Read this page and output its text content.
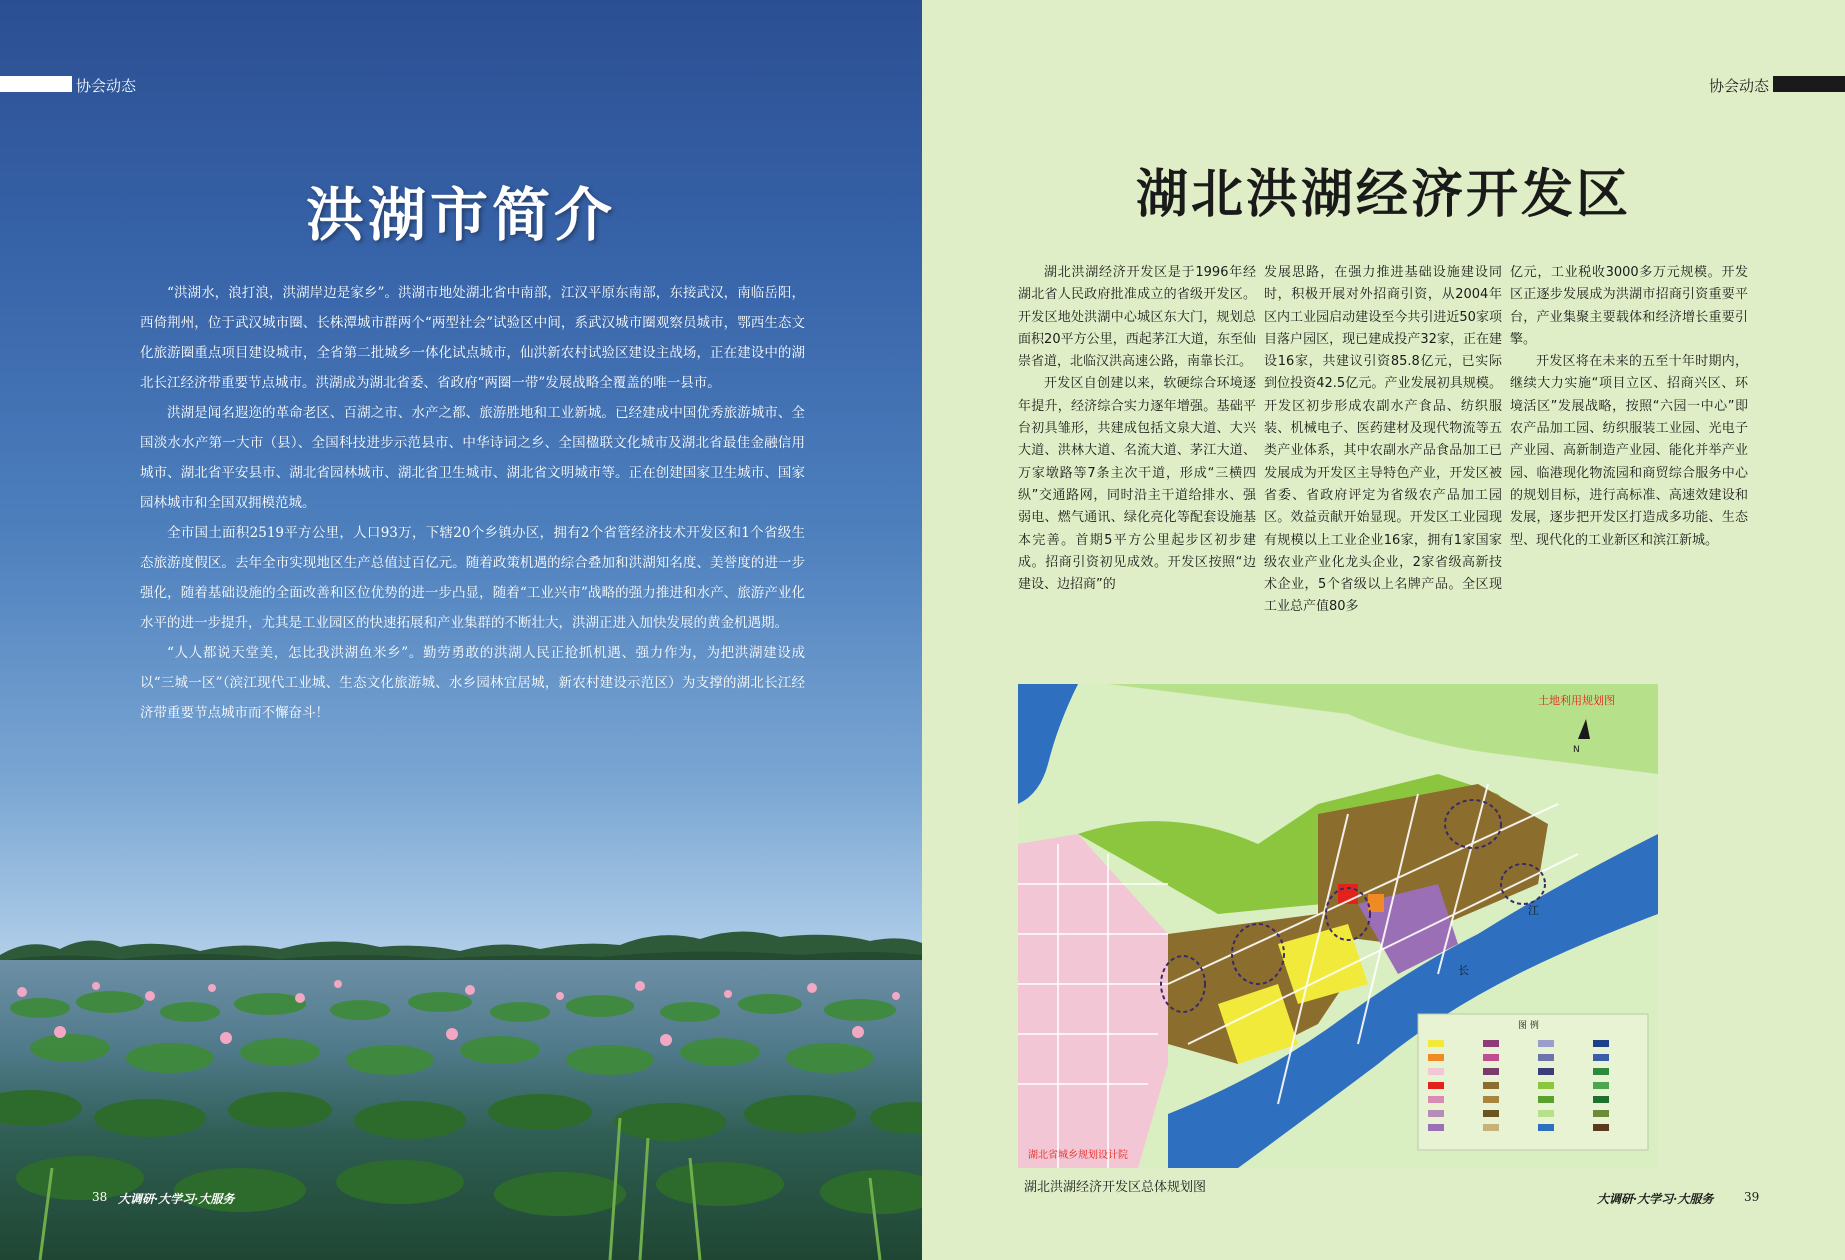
协会动态
洪湖市简介

“洪湖水，浪打浪，洪湖岸边是家乡”。洪湖市地处湖北省中南部，江汉平原东南部，东接武汉，南临岳阳，西倚荆州，位于武汉城市圈、长株潭城市群两个“两型社会”试验区中间，系武汉城市圈观察员城市，鄂西生态文化旅游圈重点项目建设城市，全省第二批城乡一体化试点城市，仙洪新农村试验区建设主战场，正在建设中的湖北长江经济带重要节点城市。洪湖成为湖北省委、省政府“两圈一带”发展战略全覆盖的唯一县市。

洪湖是闻名遐迩的革命老区、百湖之市、水产之都、旅游胜地和工业新城。已经建成中国优秀旅游城市、全国淡水水产第一大市（县）、全国科技进步示范县市、中华诗词之乡、全国楹联文化城市及湖北省最佳金融信用城市、湖北省平安县市、湖北省园林城市、湖北省卫生城市、湖北省文明城市等。正在创建国家卫生城市、国家园林城市和全国双拥模范城。

全市国土面积2519平方公里，人口93万，下辖20个乡镇办区，拥有2个省管经济技术开发区和1个省级生态旅游度假区。去年全市实现地区生产总值过百亿元。随着政策机遇的综合叠加和洪湖知名度、美誉度的进一步强化，随着基础设施的全面改善和区位优势的进一步凸显，随着“工业兴市”战略的强力推进和水产、旅游产业化水平的进一步提升，尤其是工业园区的快速拓展和产业集群的不断壮大，洪湖正进入加快发展的黄金机遇期。

“人人都说天堂美，怎比我洪湖鱼米乡”。勤劳勇敢的洪湖人民正抢抓机遇、强力作为，为把洪湖建设成以“三城一区”（滨江现代工业城、生态文化旅游城、水乡园林宜居城，新农村建设示范区）为支撑的湖北长江经济带重要节点城市而不懈奋斗！

38 大调研·大学习·大服务
协会动态
湖北洪湖经济开发区

湖北洪湖经济开发区是于1996年经湖北省人民政府批准成立的省级开发区。开发区地处洪湖中心城区东大门，规划总面积20平方公里，西起茅江大道，东至仙崇省道，北临汉洪高速公路，南靠长江。

开发区自创建以来，软硬综合环境逐年提升，经济综合实力逐年增强。基础平台初具雏形，共建成包括文泉大道、大兴大道、洪林大道、名流大道、茅江大道、万家墩路等7条主次干道，形成“三横四纵”交通路网，同时沿主干道给排水、强弱电、燃气通讯、绿化亮化等配套设施基本完善。首期5平方公里起步区初步建成。招商引资初见成效。开发区按照“边建设、边招商”的

发展思路，在强力推进基础设施建设同时，积极开展对外招商引资，从2004年区内工业园启动建设至今共引进近50家项目落户园区，现已建成投产32家，正在建设16家，共建议引资85.8亿元，已实际到位投资42.5亿元。产业发展初具规模。开发区初步形成农副水产食品、纺织服装、机械电子、医药建材及现代物流等五类产业体系，其中农副水产品食品加工已发展成为开发区主导特色产业，开发区被省委、省政府评定为省级农产品加工园区。效益贡献开始显现。开发区工业园现有规模以上工业企业16家，拥有1家国家级农业产业化龙头企业，2家省级高新技术企业，5个省级以上名牌产品。全区现工业总产值80多

亿元，工业税收3000多万元规模。开发区正逐步发展成为洪湖市招商引资重要平台，产业集聚主要载体和经济增长重要引擎。

开发区将在未来的五至十年时期内，继续大力实施“项目立区、招商兴区、环境活区”发展战略，按照“六园一中心”即农产品加工园、纺织服装工业园、光电子产业园、高新制造产业园、能化并举产业园、临港现化物流园和商贸综合服务中心的规划目标，进行高标准、高速效建设和发展，逐步把开发区打造成多功能、生态型、现代化的工业新区和滨江新城。

土地利用规划图
N
江
长
图 例
湖北省城乡规划设计院
湖北洪湖经济开发区总体规划图
大调研·大学习·大服务	39
